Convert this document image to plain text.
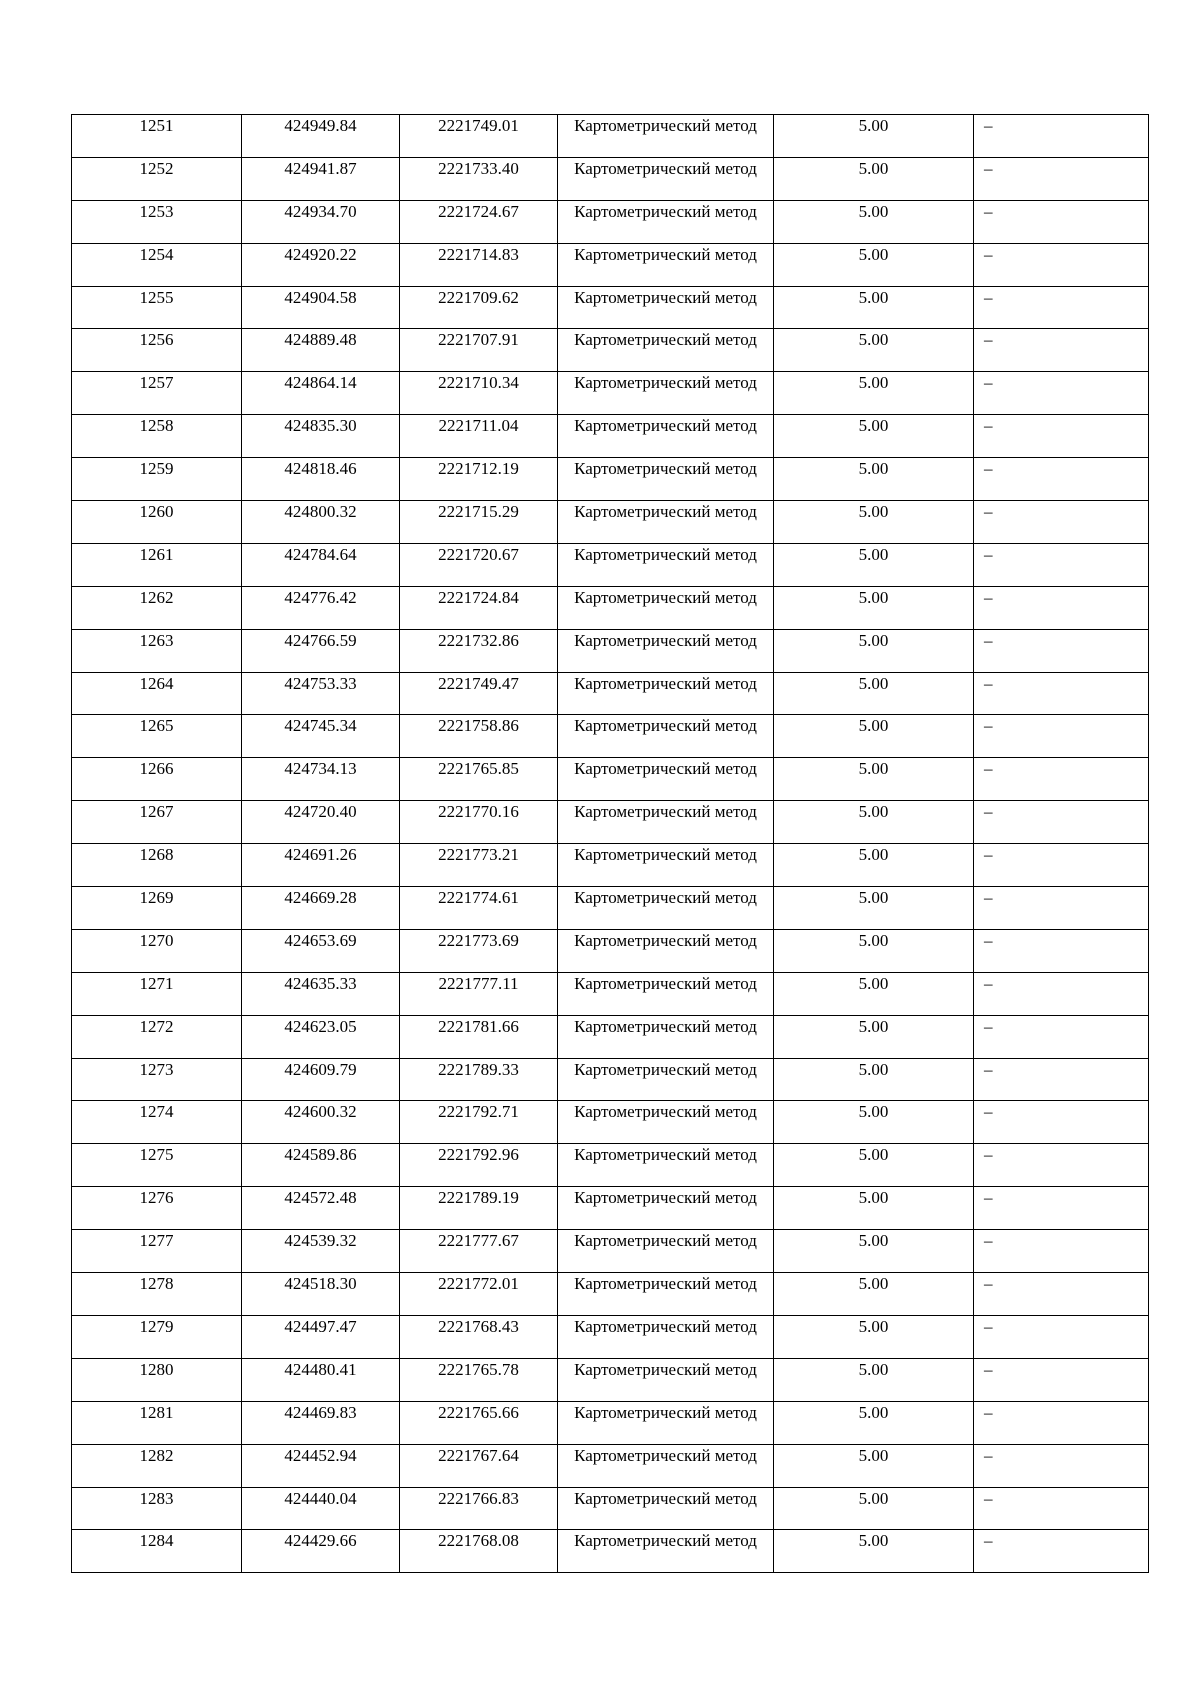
1251	424949.84	2221749.01	Картометрический метод	5.00	–

1252	424941.87	2221733.40	Картометрический метод	5.00	–

1253	424934.70	2221724.67	Картометрический метод	5.00	–

1254	424920.22	2221714.83	Картометрический метод	5.00	–

1255	424904.58	2221709.62	Картометрический метод	5.00	–

1256	424889.48	2221707.91	Картометрический метод	5.00	–

1257	424864.14	2221710.34	Картометрический метод	5.00	–

1258	424835.30	2221711.04	Картометрический метод	5.00	–

1259	424818.46	2221712.19	Картометрический метод	5.00	–

1260	424800.32	2221715.29	Картометрический метод	5.00	–

1261	424784.64	2221720.67	Картометрический метод	5.00	–

1262	424776.42	2221724.84	Картометрический метод	5.00	–

1263	424766.59	2221732.86	Картометрический метод	5.00	–

1264	424753.33	2221749.47	Картометрический метод	5.00	–

1265	424745.34	2221758.86	Картометрический метод	5.00	–

1266	424734.13	2221765.85	Картометрический метод	5.00	–

1267	424720.40	2221770.16	Картометрический метод	5.00	–

1268	424691.26	2221773.21	Картометрический метод	5.00	–

1269	424669.28	2221774.61	Картометрический метод	5.00	–

1270	424653.69	2221773.69	Картометрический метод	5.00	–

1271	424635.33	2221777.11	Картометрический метод	5.00	–

1272	424623.05	2221781.66	Картометрический метод	5.00	–

1273	424609.79	2221789.33	Картометрический метод	5.00	–

1274	424600.32	2221792.71	Картометрический метод	5.00	–

1275	424589.86	2221792.96	Картометрический метод	5.00	–

1276	424572.48	2221789.19	Картометрический метод	5.00	–

1277	424539.32	2221777.67	Картометрический метод	5.00	–

1278	424518.30	2221772.01	Картометрический метод	5.00	–

1279	424497.47	2221768.43	Картометрический метод	5.00	–

1280	424480.41	2221765.78	Картометрический метод	5.00	–

1281	424469.83	2221765.66	Картометрический метод	5.00	–

1282	424452.94	2221767.64	Картометрический метод	5.00	–

1283	424440.04	2221766.83	Картометрический метод	5.00	–

1284	424429.66	2221768.08	Картометрический метод	5.00	–
